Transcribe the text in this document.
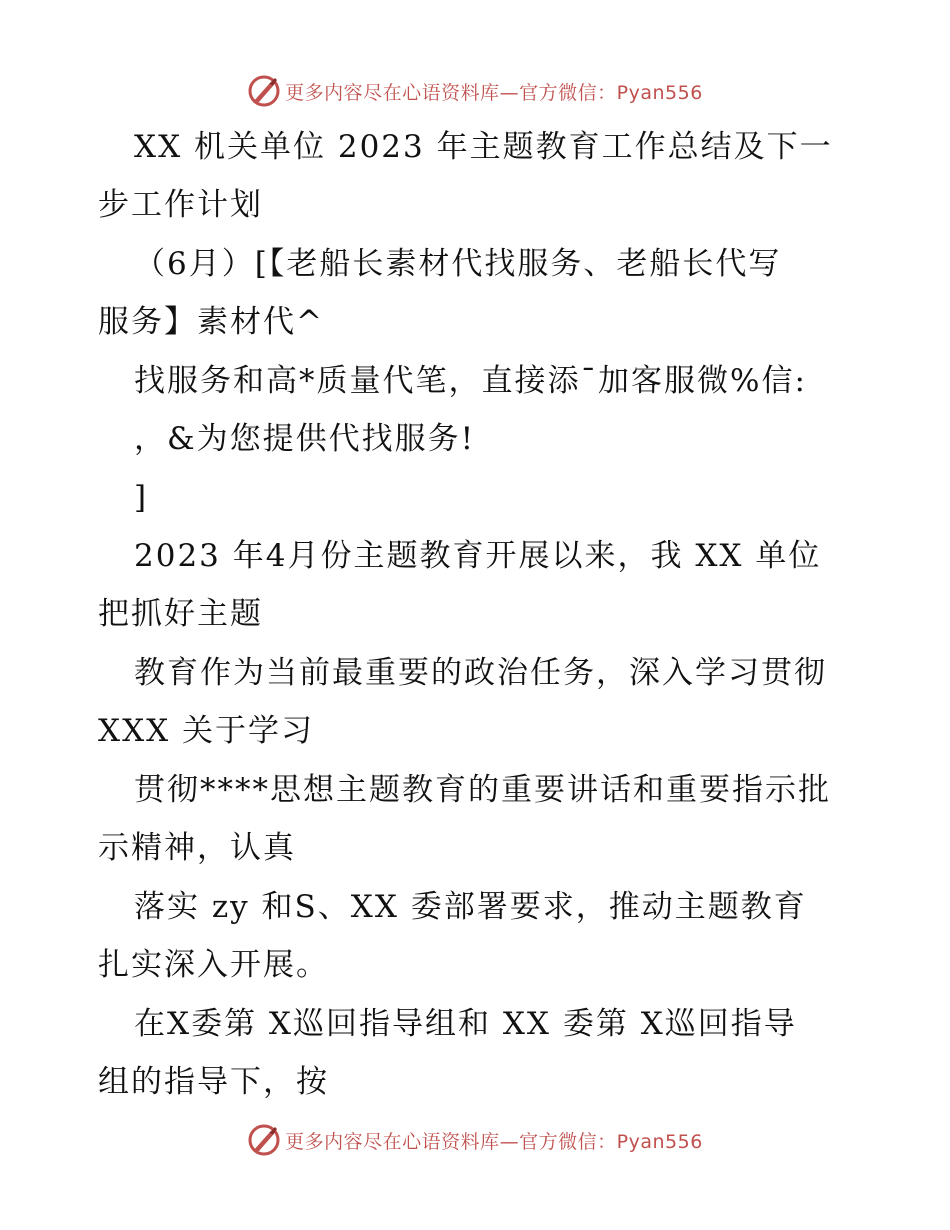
更多内容尽在心语资料库—官方微信：Pyan556
XX 机关单位 2023 年主题教育工作总结及下一
步工作计划
（6月）[【老船长素材代找服务、老船长代写
服务】素材代^
找服务和高*质量代笔，直接添¯加客服微%信:
，&为您提供代找服务!
]
2023 年4月份主题教育开展以来，我 XX 单位
把抓好主题
教育作为当前最重要的政治任务，深入学习贯彻
XXX 关于学习
贯彻****思想主题教育的重要讲话和重要指示批
示精神，认真
落实 zy 和S、XX 委部署要求，推动主题教育
扎实深入开展。
在X委第 X巡回指导组和 XX 委第 X巡回指导
组的指导下，按
更多内容尽在心语资料库—官方微信：Pyan556
